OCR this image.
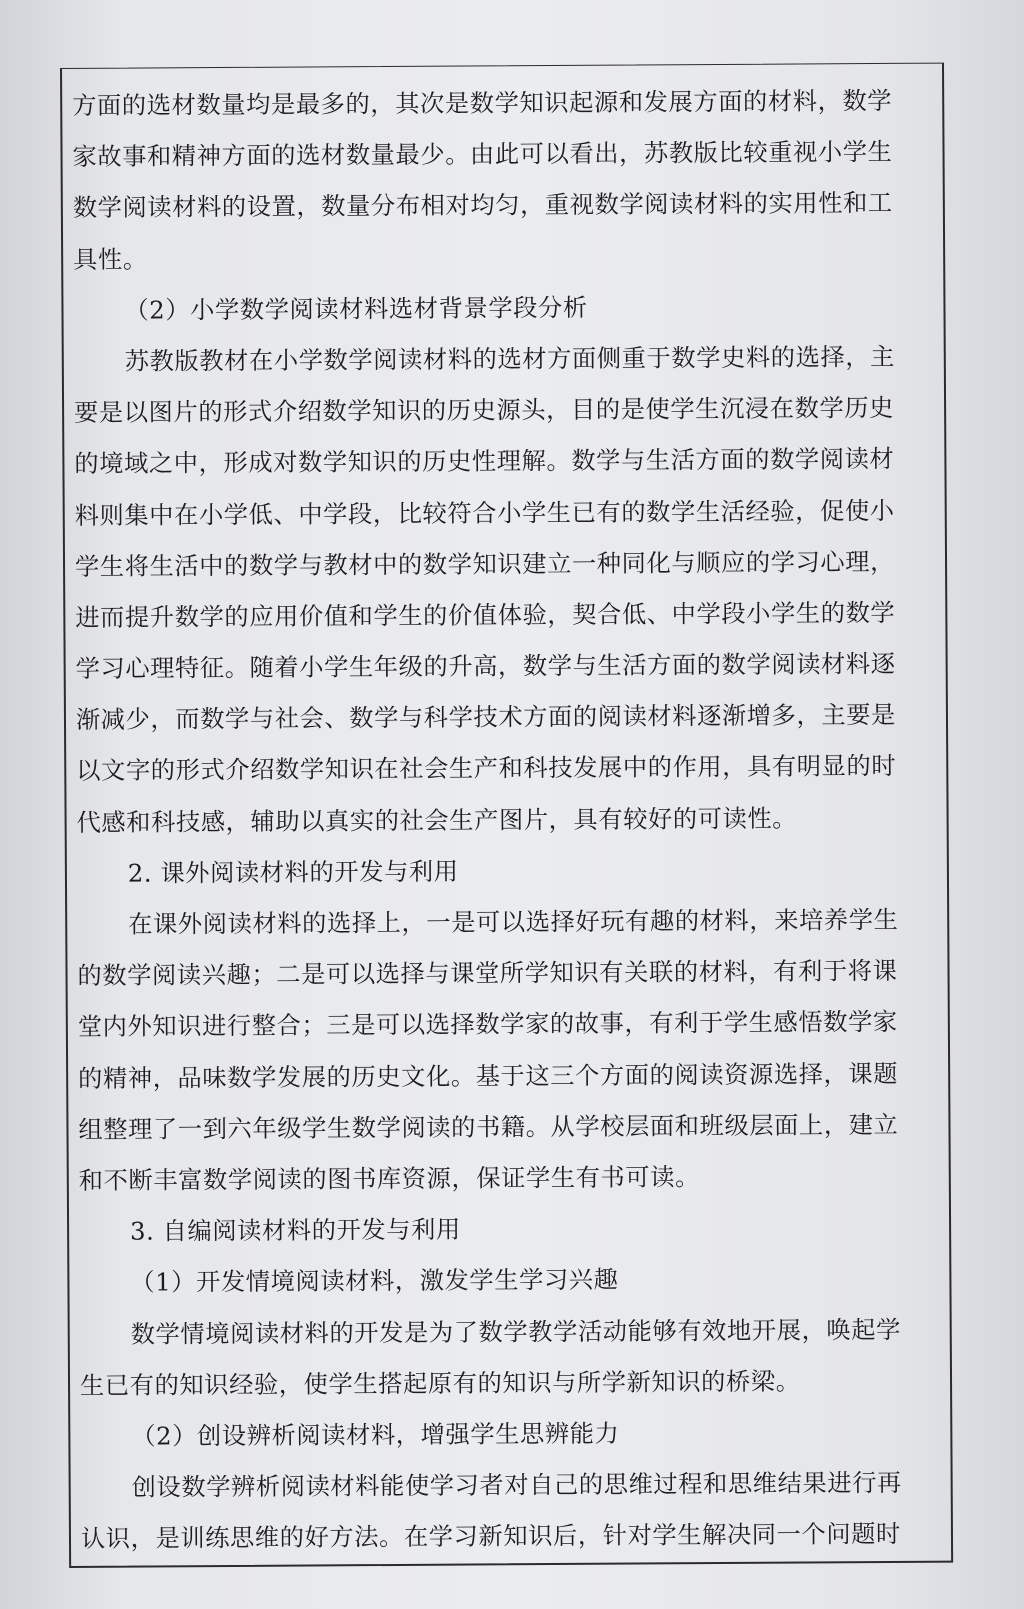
方面的选材数量均是最多的，其次是数学知识起源和发展方面的材料，数学
家故事和精神方面的选材数量最少。由此可以看出，苏教版比较重视小学生
数学阅读材料的设置，数量分布相对均匀，重视数学阅读材料的实用性和工
具性。
（2）小学数学阅读材料选材背景学段分析
苏教版教材在小学数学阅读材料的选材方面侧重于数学史料的选择，主
要是以图片的形式介绍数学知识的历史源头，目的是使学生沉浸在数学历史
的境域之中，形成对数学知识的历史性理解。数学与生活方面的数学阅读材
料则集中在小学低、中学段，比较符合小学生已有的数学生活经验，促使小
学生将生活中的数学与教材中的数学知识建立一种同化与顺应的学习心理，
进而提升数学的应用价值和学生的价值体验，契合低、中学段小学生的数学
学习心理特征。随着小学生年级的升高，数学与生活方面的数学阅读材料逐
渐减少，而数学与社会、数学与科学技术方面的阅读材料逐渐增多，主要是
以文字的形式介绍数学知识在社会生产和科技发展中的作用，具有明显的时
代感和科技感，辅助以真实的社会生产图片，具有较好的可读性。
2. 课外阅读材料的开发与利用
在课外阅读材料的选择上，一是可以选择好玩有趣的材料，来培养学生
的数学阅读兴趣；二是可以选择与课堂所学知识有关联的材料，有利于将课
堂内外知识进行整合；三是可以选择数学家的故事，有利于学生感悟数学家
的精神，品味数学发展的历史文化。基于这三个方面的阅读资源选择，课题
组整理了一到六年级学生数学阅读的书籍。从学校层面和班级层面上，建立
和不断丰富数学阅读的图书库资源，保证学生有书可读。
3. 自编阅读材料的开发与利用
（1）开发情境阅读材料，激发学生学习兴趣
数学情境阅读材料的开发是为了数学教学活动能够有效地开展，唤起学
生已有的知识经验，使学生搭起原有的知识与所学新知识的桥梁。
（2）创设辨析阅读材料，增强学生思辨能力
创设数学辨析阅读材料能使学习者对自己的思维过程和思维结果进行再
认识，是训练思维的好方法。在学习新知识后，针对学生解决同一个问题时
